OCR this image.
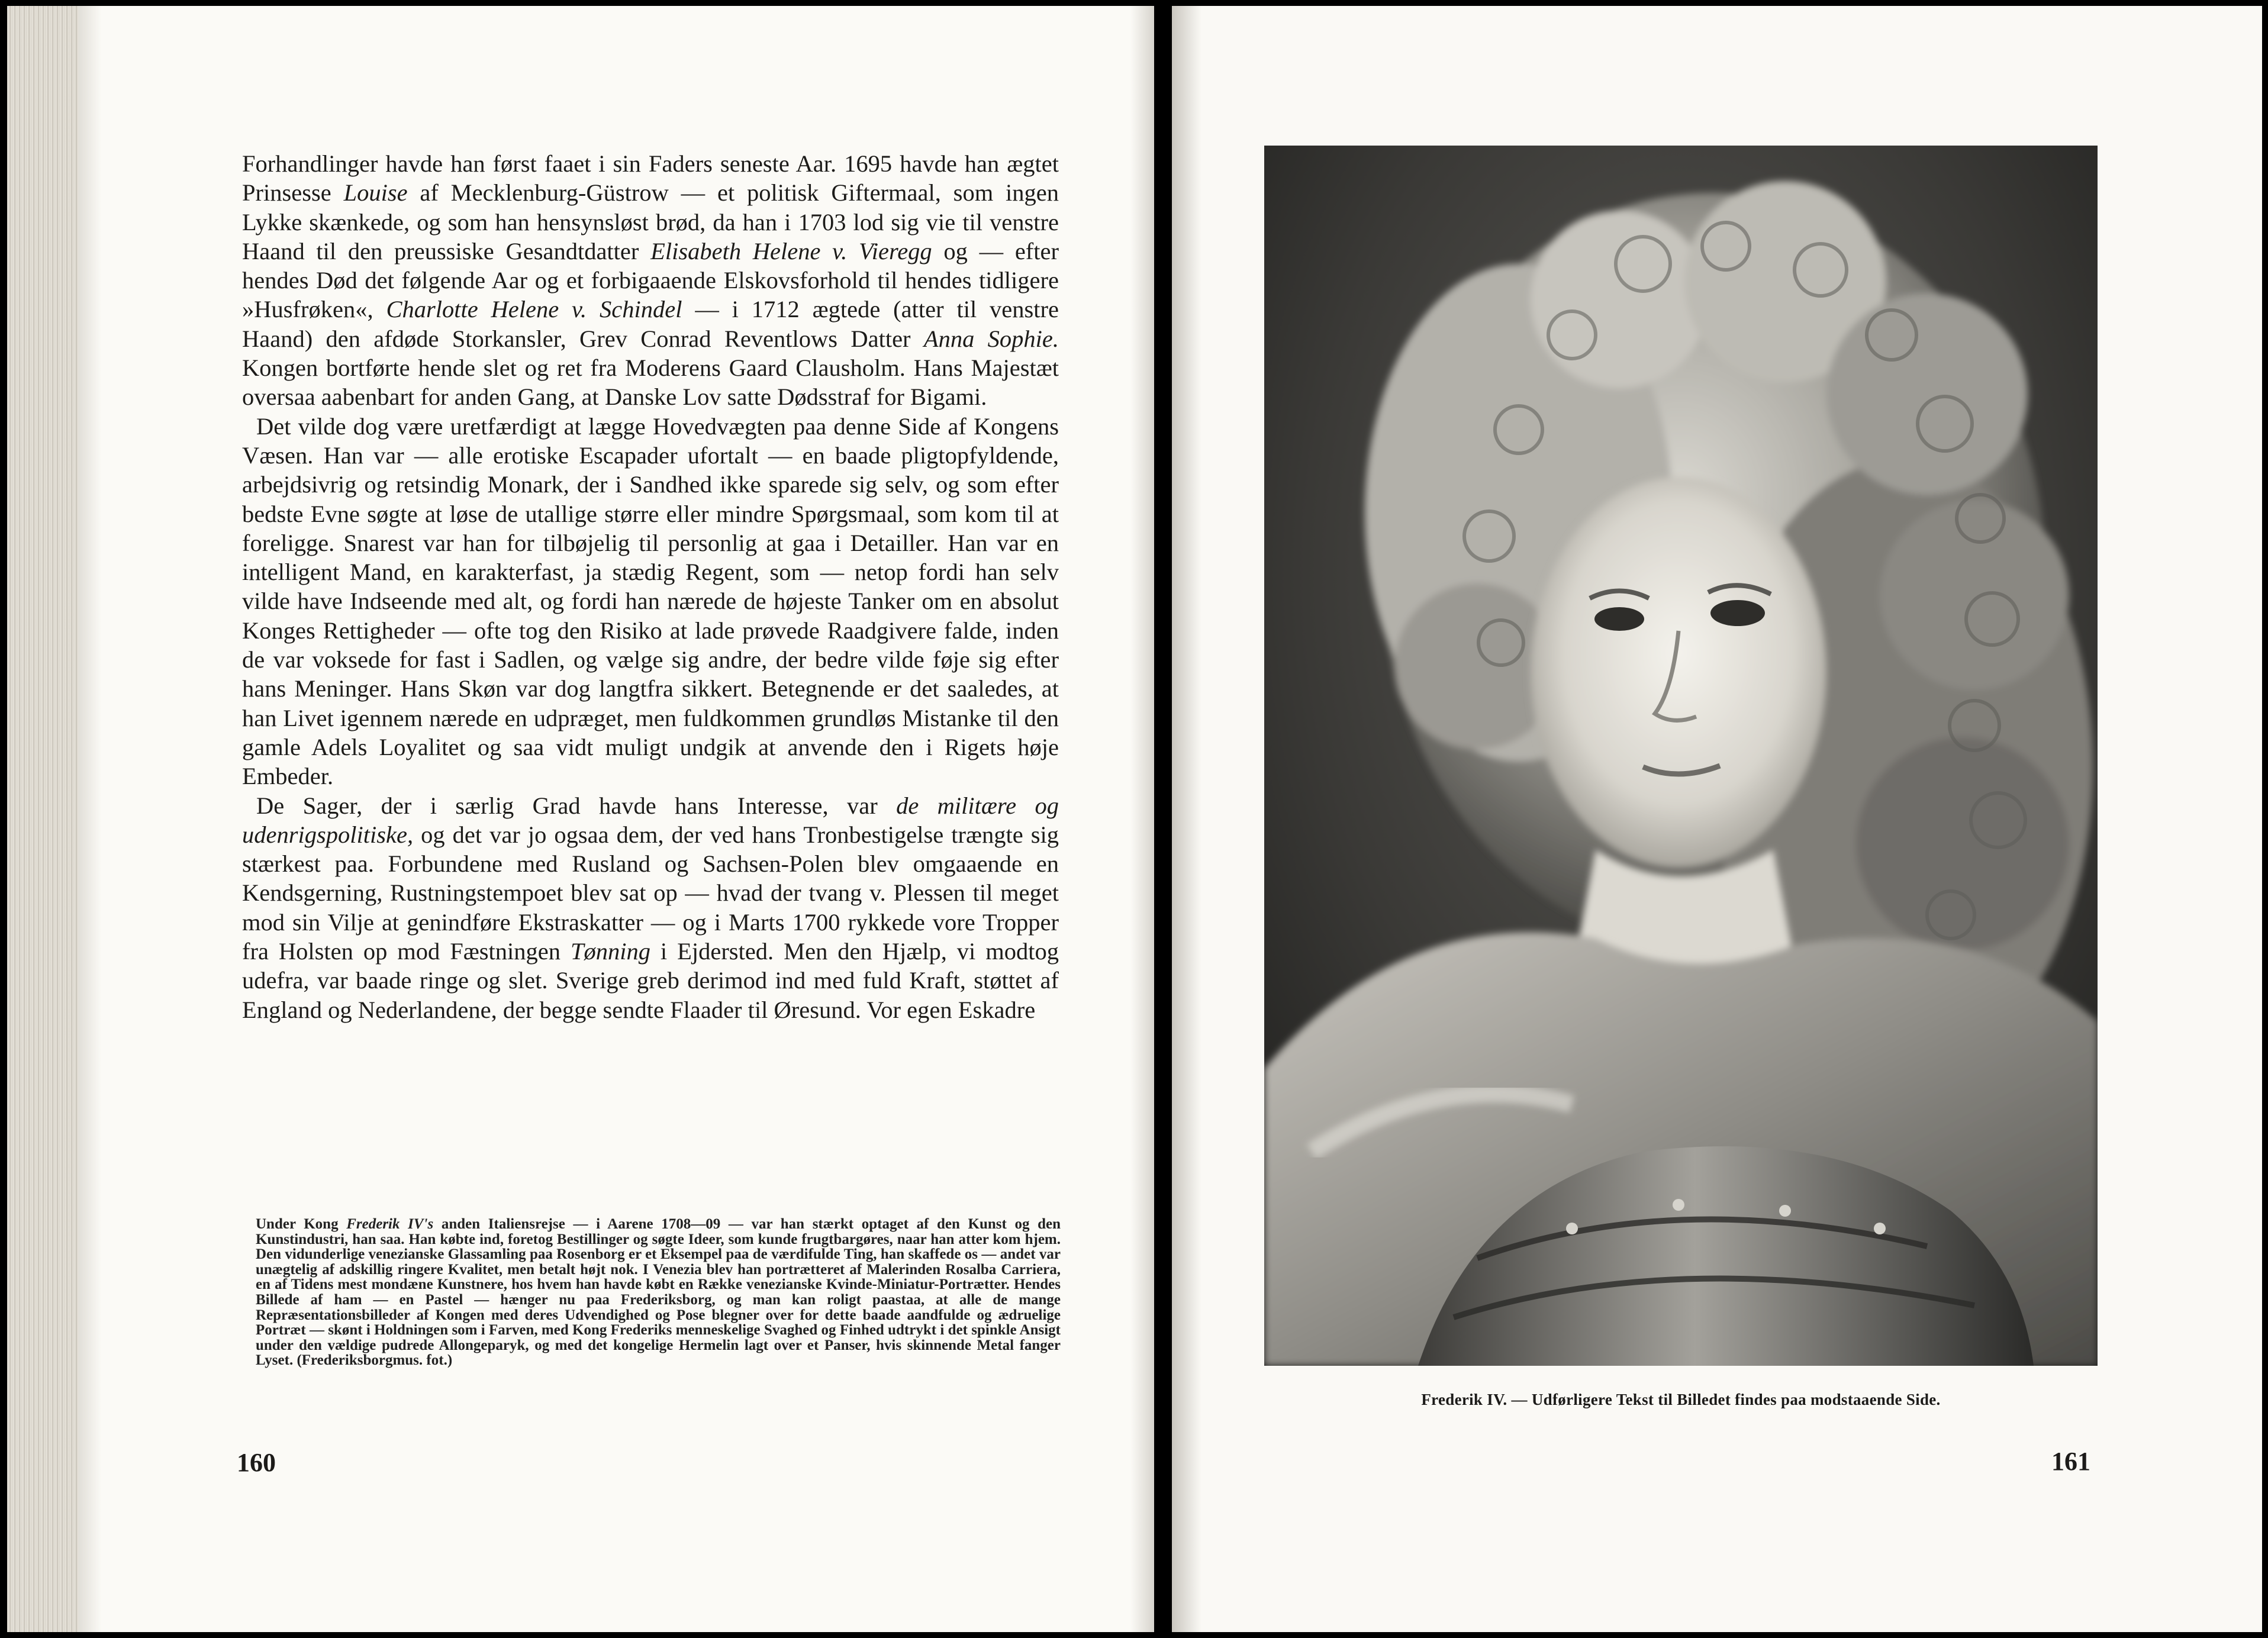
Forhandlinger havde han først faaet i sin Faders seneste Aar. 1695 havde han ægtet Prinsesse Louise af Mecklenburg-Güstrow — et politisk Giftermaal, som ingen Lykke skænkede, og som han hensynsløst brød, da han i 1703 lod sig vie til venstre Haand til den preussiske Gesandtdatter Elisabeth Helene v. Vieregg og — efter hendes Død det følgende Aar og et forbigaaende Elskovsforhold til hendes tidligere »Husfrøken«, Charlotte Helene v. Schindel — i 1712 ægtede (atter til venstre Haand) den afdøde Storkansler, Grev Conrad Reventlows Datter Anna Sophie. Kongen bortførte hende slet og ret fra Moderens Gaard Clausholm. Hans Majestæt oversaa aabenbart for anden Gang, at Danske Lov satte Dødsstraf for Bigami.

Det vilde dog være uretfærdigt at lægge Hovedvægten paa denne Side af Kongens Væsen. Han var — alle erotiske Escapader ufortalt — en baade pligtopfyldende, arbejdsivrig og retsindig Monark, der i Sandhed ikke sparede sig selv, og som efter bedste Evne søgte at løse de utallige større eller mindre Spørgsmaal, som kom til at foreligge. Snarest var han for tilbøjelig til personlig at gaa i Detailler. Han var en intelligent Mand, en karakterfast, ja stædig Regent, som — netop fordi han selv vilde have Indseende med alt, og fordi han nærede de højeste Tanker om en absolut Konges Rettigheder — ofte tog den Risiko at lade prøvede Raadgivere falde, inden de var voksede for fast i Sadlen, og vælge sig andre, der bedre vilde føje sig efter hans Meninger. Hans Skøn var dog langtfra sikkert. Betegnende er det saaledes, at han Livet igennem nærede en udpræget, men fuldkommen grundløs Mistanke til den gamle Adels Loyalitet og saa vidt muligt undgik at anvende den i Rigets høje Embeder.

De Sager, der i særlig Grad havde hans Interesse, var de militære og udenrigspolitiske, og det var jo ogsaa dem, der ved hans Tronbestigelse trængte sig stærkest paa. Forbundene med Rusland og Sachsen-Polen blev omgaaende en Kendsgerning, Rustningstempoet blev sat op — hvad der tvang v. Plessen til meget mod sin Vilje at genindføre Ekstraskatter — og i Marts 1700 rykkede vore Tropper fra Holsten op mod Fæstningen Tønning i Ejdersted. Men den Hjælp, vi modtog udefra, var baade ringe og slet. Sverige greb derimod ind med fuld Kraft, støttet af England og Nederlandene, der begge sendte Flaader til Øresund. Vor egen Eskadre

Under Kong Frederik IV's anden Italiensrejse — i Aarene 1708—09 — var han stærkt optaget af den Kunst og den Kunstindustri, han saa. Han købte ind, foretog Bestillinger og søgte Ideer, som kunde frugtbargøres, naar han atter kom hjem. Den vidunderlige venezianske Glassamling paa Rosenborg er et Eksempel paa de værdifulde Ting, han skaffede os — andet var unægtelig af adskillig ringere Kvalitet, men betalt højt nok. I Venezia blev han portrætteret af Malerinden Rosalba Carriera, en af Tidens mest mondæne Kunstnere, hos hvem han havde købt en Række venezianske Kvinde-Miniatur-Portrætter. Hendes Billede af ham — en Pastel — hænger nu paa Frederiksborg, og man kan roligt paastaa, at alle de mange Repræsentationsbilleder af Kongen med deres Udvendighed og Pose blegner over for dette baade aandfulde og ædruelige Portræt — skønt i Holdningen som i Farven, med Kong Frederiks menneskelige Svaghed og Finhed udtrykt i det spinkle Ansigt under den vældige pudrede Allongeparyk, og med det kongelige Hermelin lagt over et Panser, hvis skinnende Metal fanger Lyset. (Frederiksborgmus. fot.)
160
Frederik IV. — Udførligere Tekst til Billedet findes paa modstaaende Side.
161
